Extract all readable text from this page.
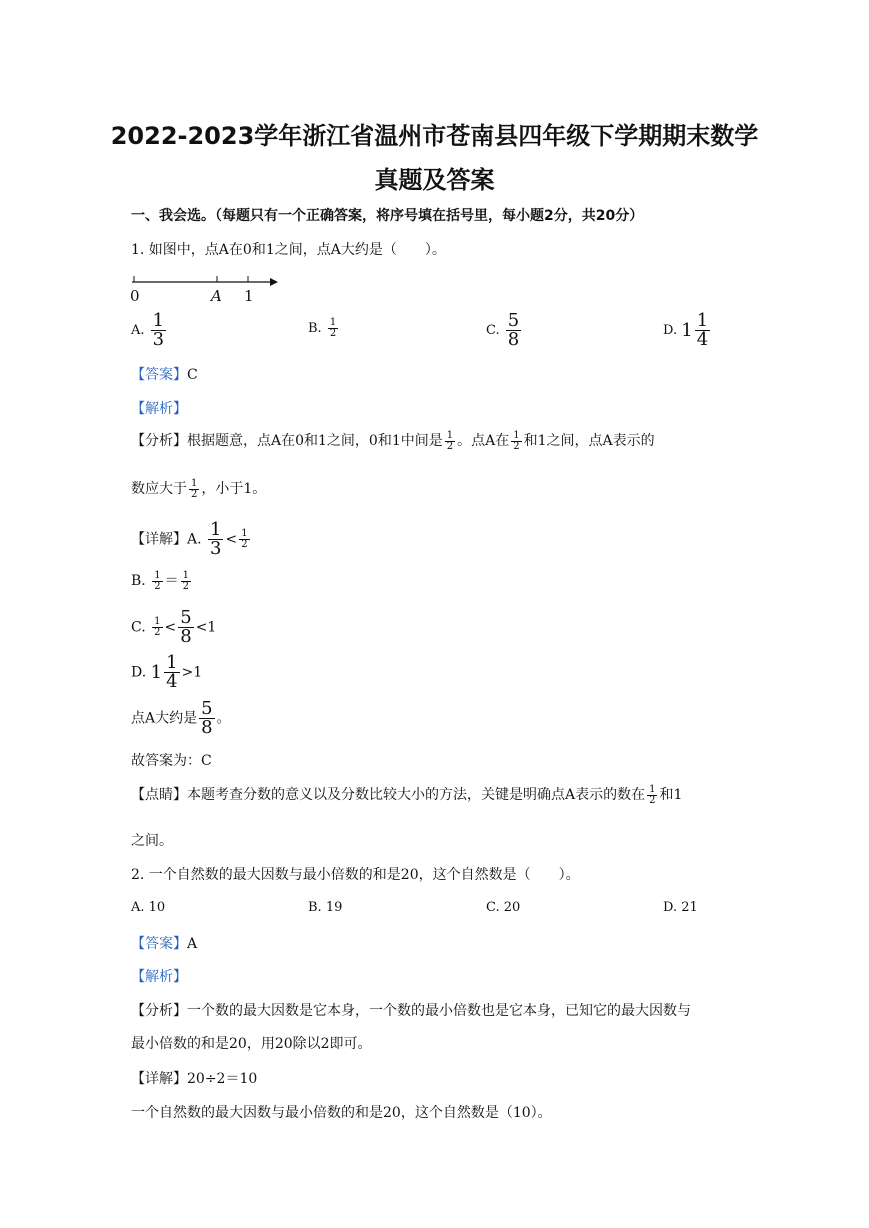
2022-2023学年浙江省温州市苍南县四年级下学期期末数学
真题及答案
一、我会选。（每题只有一个正确答案，将序号填在括号里，每小题2分，共20分）
1. 如图中，点A在0和1之间，点A大约是（　　）。
0	A 1
A. $\frac{1}{3}$	B. $\frac{1}{2}$	C. $\frac{5}{8}$	D. $1 \frac{1}{4}$
【答案】C
【解析】
【分析】根据题意，点A在0和1之间，0和1中间是 $\frac{1}{2}$ 。点A在 $\frac{1}{2}$ 和1之间，点A表示的
数应大于 $\frac{1}{2}$ ，小于1。
【详解】A. $\frac{1}{3} < \frac{1}{2}$
B. $\frac{1}{2} = \frac{1}{2}$
C. $\frac{1}{2} < \frac{5}{8} <1$
D. $1 \frac{1}{4} >1$
点A大约是 $\frac{5}{8}$ 。
故答案为：C
【点睛】本题考查分数的意义以及分数比较大小的方法，关键是明确点A表示的数在 $\frac{1}{2}$ 和1
之间。
2. 一个自然数的最大因数与最小倍数的和是20，这个自然数是（　　）。
A. 10	B. 19	C. 20	D. 21
【答案】A
【解析】
【分析】一个数的最大因数是它本身，一个数的最小倍数也是它本身，已知它的最大因数与
最小倍数的和是20，用20除以2即可。
【详解】20÷2＝10
一个自然数的最大因数与最小倍数的和是20，这个自然数是（10）。
